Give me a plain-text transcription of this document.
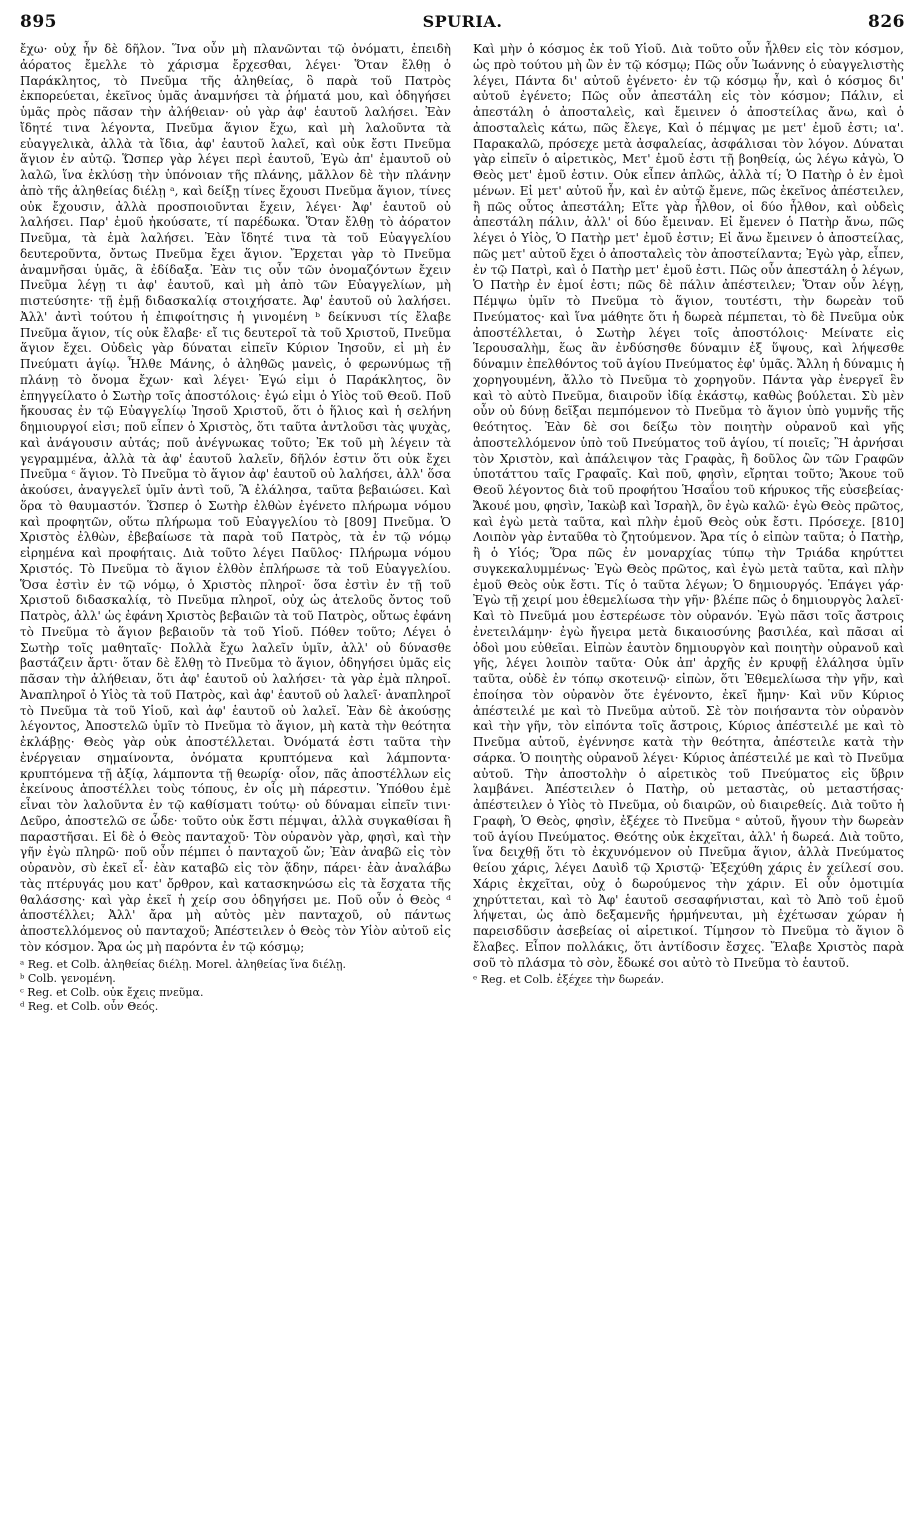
895	SPURIA.	826

ἔχω· οὐχ ἦν δὲ δῆλον. Ἵνα οὖν μὴ πλανῶνται τῷ ὀνόματι, ἐπειδὴ ἀόρατος ἔμελλε τὸ χάρισμα ἔρχεσθαι, λέγει· Ὅταν ἔλθῃ ὁ Παράκλητος, τὸ Πνεῦμα τῆς ἀληθείας, ὃ παρὰ τοῦ Πατρὸς ἐκπορεύεται, ἐκεῖνος ὑμᾶς ἀναμνήσει τὰ ῥήματά μου, καὶ ὁδηγήσει ὑμᾶς πρὸς πᾶσαν τὴν ἀλήθειαν· οὐ γὰρ ἀφ' ἑαυτοῦ λαλήσει. Ἐὰν ἴδητέ τινα λέγοντα, Πνεῦμα ἅγιον ἔχω, καὶ μὴ λαλοῦντα τὰ εὐαγγελικὰ, ἀλλὰ τὰ ἴδια, ἀφ' ἑαυτοῦ λαλεῖ, καὶ οὐκ ἔστι Πνεῦμα ἅγιον ἐν αὐτῷ. Ὥσπερ γὰρ λέγει περὶ ἑαυτοῦ, Ἐγὼ ἀπ' ἐμαυτοῦ οὐ λαλῶ, ἵνα ἐκλύσῃ τὴν ὑπόνοιαν τῆς πλάνης, μᾶλλον δὲ τὴν πλάνην ἀπὸ τῆς ἀληθείας διέλῃ ᵃ, καὶ δείξῃ τίνες ἔχουσι Πνεῦμα ἅγιον, τίνες οὐκ ἔχουσιν, ἀλλὰ προσποιοῦνται ἔχειν, λέγει· Ἀφ' ἑαυτοῦ οὐ λαλήσει. Παρ' ἐμοῦ ἠκούσατε, τί παρέδωκα. Ὅταν ἔλθῃ τὸ ἀόρατον Πνεῦμα, τὰ ἐμὰ λαλήσει. Ἐὰν ἴδητέ τινα τὰ τοῦ Εὐαγγελίου δευτεροῦντα, ὄντως Πνεῦμα ἔχει ἅγιον. Ἔρχεται γὰρ τὸ Πνεῦμα ἀναμνῆσαι ὑμᾶς, ἃ ἐδίδαξα. Ἐὰν τις οὖν τῶν ὀνομαζόντων ἔχειν Πνεῦμα λέγῃ τι ἀφ' ἑαυτοῦ, καὶ μὴ ἀπὸ τῶν Εὐαγγελίων, μὴ πιστεύσητε· τῇ ἐμῇ διδασκαλίᾳ στοιχήσατε. Ἀφ' ἑαυτοῦ οὐ λαλήσει. Ἀλλ' ἀντὶ τούτου ἡ ἐπιφοίτησις ἡ γινομένη ᵇ δείκνυσι τίς ἔλαβε Πνεῦμα ἅγιον, τίς οὐκ ἔλαβε· εἴ τις δευτεροῖ τὰ τοῦ Χριστοῦ, Πνεῦμα ἅγιον ἔχει. Οὐδεὶς γὰρ δύναται εἰπεῖν Κύριον Ἰησοῦν, εἰ μὴ ἐν Πνεύματι ἁγίῳ. Ἦλθε Μάνης, ὁ ἀληθῶς μανεὶς, ὁ φερωνύμως τῇ πλάνῃ τὸ ὄνομα ἔχων· καὶ λέγει· Ἐγώ εἰμι ὁ Παράκλητος, ὃν ἐπηγγείλατο ὁ Σωτὴρ τοῖς ἀποστόλοις· ἐγώ εἰμι ὁ Υἱὸς τοῦ Θεοῦ. Ποῦ ἤκουσας ἐν τῷ Εὐαγγελίῳ Ἰησοῦ Χριστοῦ, ὅτι ὁ ἥλιος καὶ ἡ σελήνη δημιουργοί εἰσι; ποῦ εἶπεν ὁ Χριστὸς, ὅτι ταῦτα ἀντλοῦσι τὰς ψυχὰς, καὶ ἀνάγουσιν αὐτάς; ποῦ ἀνέγνωκας τοῦτο; Ἐκ τοῦ μὴ λέγειν τὰ γεγραμμένα, ἀλλὰ τὰ ἀφ' ἑαυτοῦ λαλεῖν, δῆλόν ἐστιν ὅτι οὐκ ἔχει Πνεῦμα ᶜ ἅγιον. Τὸ Πνεῦμα τὸ ἅγιον ἀφ' ἑαυτοῦ οὐ λαλήσει, ἀλλ' ὅσα ἀκούσει, ἀναγγελεῖ ὑμῖν ἀντὶ τοῦ, Ἃ ἐλάλησα, ταῦτα βεβαιώσει. Καὶ ὅρα τὸ θαυμαστόν. Ὥσπερ ὁ Σωτὴρ ἐλθὼν ἐγένετο πλήρωμα νόμου καὶ προφητῶν, οὕτω πλήρωμα τοῦ Εὐαγγελίου τὸ [809] Πνεῦμα. Ὁ Χριστὸς ἐλθὼν, ἐβεβαίωσε τὰ παρὰ τοῦ Πατρὸς, τὰ ἐν τῷ νόμῳ εἰρημένα καὶ προφήταις. Διὰ τοῦτο λέγει Παῦλος· Πλήρωμα νόμου Χριστός. Τὸ Πνεῦμα τὸ ἅγιον ἐλθὸν ἐπλήρωσε τὰ τοῦ Εὐαγγελίου. Ὅσα ἐστὶν ἐν τῷ νόμῳ, ὁ Χριστὸς πληροῖ· ὅσα ἐστὶν ἐν τῇ τοῦ Χριστοῦ διδασκαλίᾳ, τὸ Πνεῦμα πληροῖ, οὐχ ὡς ἀτελοῦς ὄντος τοῦ Πατρὸς, ἀλλ' ὡς ἐφάνη Χριστὸς βεβαιῶν τὰ τοῦ Πατρὸς, οὕτως ἐφάνη τὸ Πνεῦμα τὸ ἅγιον βεβαιοῦν τὰ τοῦ Υἱοῦ. Πόθεν τοῦτο; Λέγει ὁ Σωτὴρ τοῖς μαθηταῖς· Πολλὰ ἔχω λαλεῖν ὑμῖν, ἀλλ' οὐ δύνασθε βαστάζειν ἄρτι· ὅταν δὲ ἔλθῃ τὸ Πνεῦμα τὸ ἅγιον, ὁδηγήσει ὑμᾶς εἰς πᾶσαν τὴν ἀλήθειαν, ὅτι ἀφ' ἑαυτοῦ οὐ λαλήσει· τὰ γὰρ ἐμὰ πληροῖ. Ἀναπληροῖ ὁ Υἱὸς τὰ τοῦ Πατρὸς, καὶ ἀφ' ἑαυτοῦ οὐ λαλεῖ· ἀναπληροῖ τὸ Πνεῦμα τὰ τοῦ Υἱοῦ, καὶ ἀφ' ἑαυτοῦ οὐ λαλεῖ. Ἐὰν δὲ ἀκούσῃς λέγοντος, Ἀποστελῶ ὑμῖν τὸ Πνεῦμα τὸ ἅγιον, μὴ κατὰ τὴν θεότητα ἐκλάβῃς· Θεὸς γὰρ οὐκ ἀποστέλλεται. Ὀνόματά ἐστι ταῦτα τὴν ἐνέργειαν σημαίνοντα, ὀνόματα κρυπτόμενα καὶ λάμποντα· κρυπτόμενα τῇ ἀξίᾳ, λάμποντα τῇ θεωρίᾳ· οἷον, πᾶς ἀποστέλλων εἰς ἐκείνους ἀποστέλλει τοὺς τόπους, ἐν οἷς μὴ πάρεστιν. Ὑπόθου ἐμὲ εἶναι τὸν λαλοῦντα ἐν τῷ καθίσματι τούτῳ· οὐ δύναμαι εἰπεῖν τινι· Δεῦρο, ἀποστελῶ σε ὧδε· τοῦτο οὐκ ἔστι πέμψαι, ἀλλὰ συγκαθίσαι ἢ παραστῆσαι. Εἰ δὲ ὁ Θεὸς πανταχοῦ· Τὸν οὐρανὸν γὰρ, φησὶ, καὶ τὴν γῆν ἐγὼ πληρῶ· ποῦ οὖν πέμπει ὁ πανταχοῦ ὤν; Ἐὰν ἀναβῶ εἰς τὸν οὐρανὸν, σὺ ἐκεῖ εἶ· ἐὰν καταβῶ εἰς τὸν ᾅδην, πάρει· ἐὰν ἀναλάβω τὰς πτέρυγάς μου κατ' ὄρθρον, καὶ κατασκηνώσω εἰς τὰ ἔσχατα τῆς θαλάσσης· καὶ γὰρ ἐκεῖ ἡ χείρ σου ὁδηγήσει με. Ποῦ οὖν ὁ Θεὸς ᵈ ἀποστέλλει; Ἀλλ' ἄρα μὴ αὐτὸς μὲν πανταχοῦ, οὐ πάντως ἀποστελλόμενος οὐ πανταχοῦ; Ἀπέστειλεν ὁ Θεὸς τὸν Υἱὸν αὐτοῦ εἰς τὸν κόσμον. Ἄρα ὡς μὴ παρόντα ἐν τῷ κόσμῳ;

ᵃ Reg. et Colb. ἀληθείας διέλῃ. Morel. ἀληθείας ἵνα διέλῃ.
ᵇ Colb. γενομένη.
ᶜ Reg. et Colb. οὐκ ἔχεις πνεῦμα.
ᵈ Reg. et Colb. οὖν Θεός.

Καὶ μὴν ὁ κόσμος ἐκ τοῦ Υἱοῦ. Διὰ τοῦτο οὖν ἦλθεν εἰς τὸν κόσμον, ὡς πρὸ τούτου μὴ ὢν ἐν τῷ κόσμῳ; Πῶς οὖν Ἰωάννης ὁ εὐαγγελιστὴς λέγει, Πάντα δι' αὐτοῦ ἐγένετο· ἐν τῷ κόσμῳ ἦν, καὶ ὁ κόσμος δι' αὐτοῦ ἐγένετο; Πῶς οὖν ἀπεστάλη εἰς τὸν κόσμον; Πάλιν, εἰ ἀπεστάλη ὁ ἀποσταλεὶς, καὶ ἔμεινεν ὁ ἀποστείλας ἄνω, καὶ ὁ ἀποσταλεὶς κάτω, πῶς ἔλεγε, Καὶ ὁ πέμψας με μετ' ἐμοῦ ἐστι; ια'. Παρακαλῶ, πρόσεχε μετὰ ἀσφαλείας, ἀσφάλισαι τὸν λόγον. Δύναται γὰρ εἰπεῖν ὁ αἱρετικὸς, Μετ' ἐμοῦ ἐστι τῇ βοηθείᾳ, ὡς λέγω κἀγὼ, Ὁ Θεὸς μετ' ἐμοῦ ἐστιν. Οὐκ εἶπεν ἁπλῶς, ἀλλὰ τί; Ὁ Πατὴρ ὁ ἐν ἐμοὶ μένων. Εἰ μετ' αὐτοῦ ἦν, καὶ ἐν αὐτῷ ἔμενε, πῶς ἐκεῖνος ἀπέστειλεν, ἢ πῶς οὗτος ἀπεστάλη; Εἴτε γὰρ ἦλθον, οἱ δύο ἦλθον, καὶ οὐδεὶς ἀπεστάλη πάλιν, ἀλλ' οἱ δύο ἔμειναν. Εἰ ἔμενεν ὁ Πατὴρ ἄνω, πῶς λέγει ὁ Υἱὸς, Ὁ Πατὴρ μετ' ἐμοῦ ἐστιν; Εἰ ἄνω ἔμεινεν ὁ ἀποστείλας, πῶς μετ' αὐτοῦ ἔχει ὁ ἀποσταλεὶς τὸν ἀποστείλαντα; Ἐγὼ γὰρ, εἶπεν, ἐν τῷ Πατρὶ, καὶ ὁ Πατὴρ μετ' ἐμοῦ ἐστι. Πῶς οὖν ἀπεστάλη ὁ λέγων, Ὁ Πατὴρ ἐν ἐμοί ἐστι; πῶς δὲ πάλιν ἀπέστειλεν; Ὅταν οὖν λέγῃ, Πέμψω ὑμῖν τὸ Πνεῦμα τὸ ἅγιον, τουτέστι, τὴν δωρεὰν τοῦ Πνεύματος· καὶ ἵνα μάθητε ὅτι ἡ δωρεὰ πέμπεται, τὸ δὲ Πνεῦμα οὐκ ἀποστέλλεται, ὁ Σωτὴρ λέγει τοῖς ἀποστόλοις· Μείνατε εἰς Ἱερουσαλὴμ, ἕως ἂν ἐνδύσησθε δύναμιν ἐξ ὕψους, καὶ λήψεσθε δύναμιν ἐπελθόντος τοῦ ἁγίου Πνεύματος ἐφ' ὑμᾶς. Ἄλλη ἡ δύναμις ἡ χορηγουμένη, ἄλλο τὸ Πνεῦμα τὸ χορηγοῦν. Πάντα γὰρ ἐνεργεῖ ἓν καὶ τὸ αὐτὸ Πνεῦμα, διαιροῦν ἰδίᾳ ἑκάστῳ, καθὼς βούλεται. Σὺ μὲν οὖν οὐ δύνῃ δεῖξαι πεμπόμενον τὸ Πνεῦμα τὸ ἅγιον ὑπὸ γυμνῆς τῆς θεότητος. Ἐὰν δὲ σοι δείξω τὸν ποιητὴν οὐρανοῦ καὶ γῆς ἀποστελλόμενον ὑπὸ τοῦ Πνεύματος τοῦ ἁγίου, τί ποιεῖς; Ἢ ἀρνήσαι τὸν Χριστὸν, καὶ ἀπάλειψον τὰς Γραφὰς, ἢ δοῦλος ὢν τῶν Γραφῶν ὑποτάττου ταῖς Γραφαῖς. Καὶ ποῦ, φησὶν, εἴρηται τοῦτο; Ἄκουε τοῦ Θεοῦ λέγοντος διὰ τοῦ προφήτου Ἡσαΐου τοῦ κήρυκος τῆς εὐσεβείας· Ἄκουέ μου, φησὶν, Ἰακὼβ καὶ Ἰσραὴλ, ὃν ἐγὼ καλῶ· ἐγὼ Θεὸς πρῶτος, καὶ ἐγὼ μετὰ ταῦτα, καὶ πλὴν ἐμοῦ Θεὸς οὐκ ἔστι. Πρόσεχε. [810] Λοιπὸν γὰρ ἐνταῦθα τὸ ζητούμενον. Ἄρα τίς ὁ εἰπὼν ταῦτα; ὁ Πατὴρ, ἢ ὁ Υἱός; Ὅρα πῶς ἐν μοναρχίας τύπῳ τὴν Τριάδα κηρύττει συγκεκαλυμμένως· Ἐγὼ Θεὸς πρῶτος, καὶ ἐγὼ μετὰ ταῦτα, καὶ πλὴν ἐμοῦ Θεὸς οὐκ ἔστι. Τίς ὁ ταῦτα λέγων; Ὁ δημιουργός. Ἐπάγει γάρ· Ἐγὼ τῇ χειρί μου ἐθεμελίωσα τὴν γῆν· βλέπε πῶς ὁ δημιουργὸς λαλεῖ· Καὶ τὸ Πνεῦμά μου ἐστερέωσε τὸν οὐρανόν. Ἐγὼ πᾶσι τοῖς ἄστροις ἐνετειλάμην· ἐγὼ ἤγειρα μετὰ δικαιοσύνης βασιλέα, καὶ πᾶσαι αἱ ὁδοὶ μου εὐθεῖαι. Εἰπὼν ἑαυτὸν δημιουργὸν καὶ ποιητὴν οὐρανοῦ καὶ γῆς, λέγει λοιπὸν ταῦτα· Οὐκ ἀπ' ἀρχῆς ἐν κρυφῇ ἐλάλησα ὑμῖν ταῦτα, οὐδὲ ἐν τόπῳ σκοτεινῷ· εἰπὼν, ὅτι Ἐθεμελίωσα τὴν γῆν, καὶ ἐποίησα τὸν οὐρανὸν ὅτε ἐγένοντο, ἐκεῖ ἤμην· Καὶ νῦν Κύριος ἀπέστειλέ με καὶ τὸ Πνεῦμα αὐτοῦ. Σὲ τὸν ποιήσαντα τὸν οὐρανὸν καὶ τὴν γῆν, τὸν εἰπόντα τοῖς ἄστροις, Κύριος ἀπέστειλέ με καὶ τὸ Πνεῦμα αὐτοῦ, ἐγέννησε κατὰ τὴν θεότητα, ἀπέστειλε κατὰ τὴν σάρκα. Ὁ ποιητὴς οὐρανοῦ λέγει· Κύριος ἀπέστειλέ με καὶ τὸ Πνεῦμα αὐτοῦ. Τὴν ἀποστολὴν ὁ αἱρετικὸς τοῦ Πνεύματος εἰς ὕβριν λαμβάνει. Ἀπέστειλεν ὁ Πατὴρ, οὐ μεταστὰς, οὐ μεταστήσας· ἀπέστειλεν ὁ Υἱὸς τὸ Πνεῦμα, οὐ διαιρῶν, οὐ διαιρεθείς. Διὰ τοῦτο ἡ Γραφὴ, Ὁ Θεὸς, φησὶν, ἐξέχεε τὸ Πνεῦμα ᵉ αὐτοῦ, ἤγουν τὴν δωρεὰν τοῦ ἁγίου Πνεύματος. Θεότης οὐκ ἐκχεῖται, ἀλλ' ἡ δωρεά. Διὰ τοῦτο, ἵνα δειχθῇ ὅτι τὸ ἐκχυνόμενον οὐ Πνεῦμα ἅγιον, ἀλλὰ Πνεύματος θείου χάρις, λέγει Δαυὶδ τῷ Χριστῷ· Ἐξεχύθη χάρις ἐν χείλεσί σου. Χάρις ἐκχεῖται, οὐχ ὁ δωρούμενος τὴν χάριν. Εἰ οὖν ὁμοτιμία χηρύττεται, καὶ τὸ Ἀφ' ἑαυτοῦ σεσαφήνισται, καὶ τὸ Ἀπὸ τοῦ ἐμοῦ λήψεται, ὡς ἀπὸ δεξαμενῆς ἡρμήνευται, μὴ ἐχέτωσαν χώραν ἡ παρεισδῦσιν ἀσεβείας οἱ αἱρετικοί. Τίμησον τὸ Πνεῦμα τὸ ἅγιον ὃ ἔλαβες. Εἶπον πολλάκις, ὅτι ἀντίδοσιν ἔσχες. Ἔλαβε Χριστὸς παρὰ σοῦ τὸ πλάσμα τὸ σὸν, ἔδωκέ σοι αὐτὸ τὸ Πνεῦμα τὸ ἑαυτοῦ.

ᵉ Reg. et Colb. ἐξέχεε τὴν δωρεάν.
